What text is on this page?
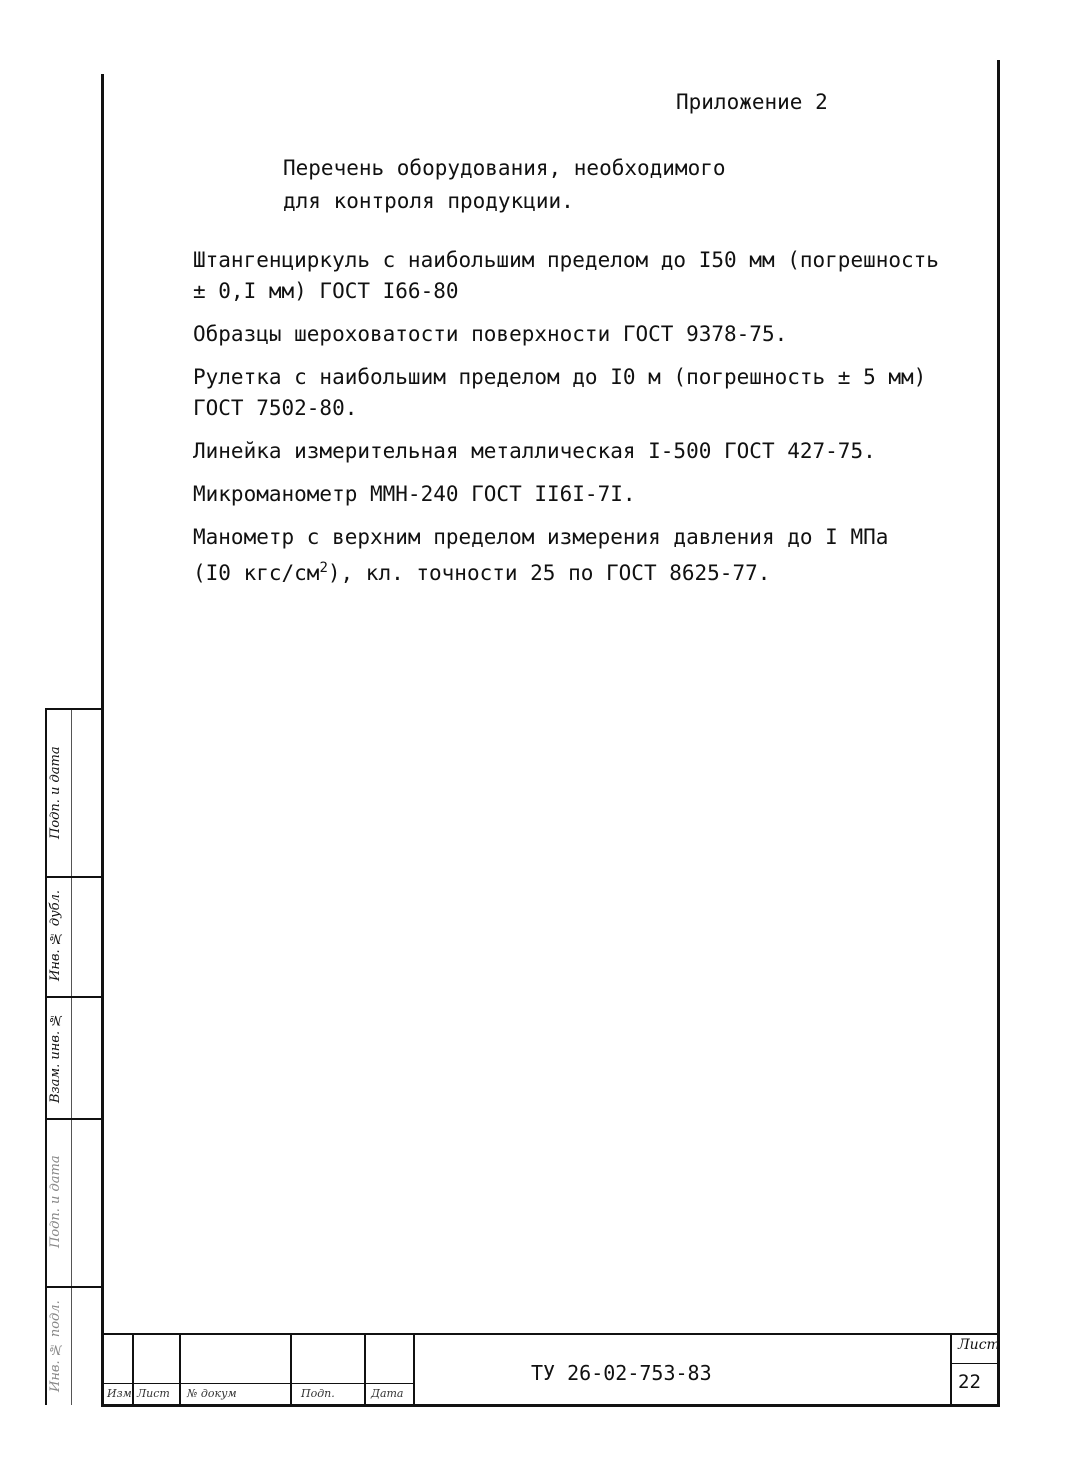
Приложение 2
Перечень оборудования, необходимого
для контроля продукции.
Штангенциркуль с наибольшим пределом до I50 мм (погрешность
± 0,I мм) ГОСТ I66-80
Образцы шероховатости поверхности ГОСТ 9378-75.
Рулетка с наибольшим пределом до I0 м (погрешность ± 5 мм)
ГОСТ 7502-80.
Линейка измерительная металлическая I-500 ГОСТ 427-75.
Микроманометр ММН-240 ГОСТ II6I-7I.
Манометр с верхним пределом измерения давления до I МПа
(I0 кгс/$см^2$), кл. точности 25 по ГОСТ 8625-77.
Подп. и дата
Инв. № дубл.
Взам. инв. №
Подп. и дата
Инв. № подл.
Изм Лист № докум	Подп.	Дата
ТУ 26-02-753-83
Лист
22
